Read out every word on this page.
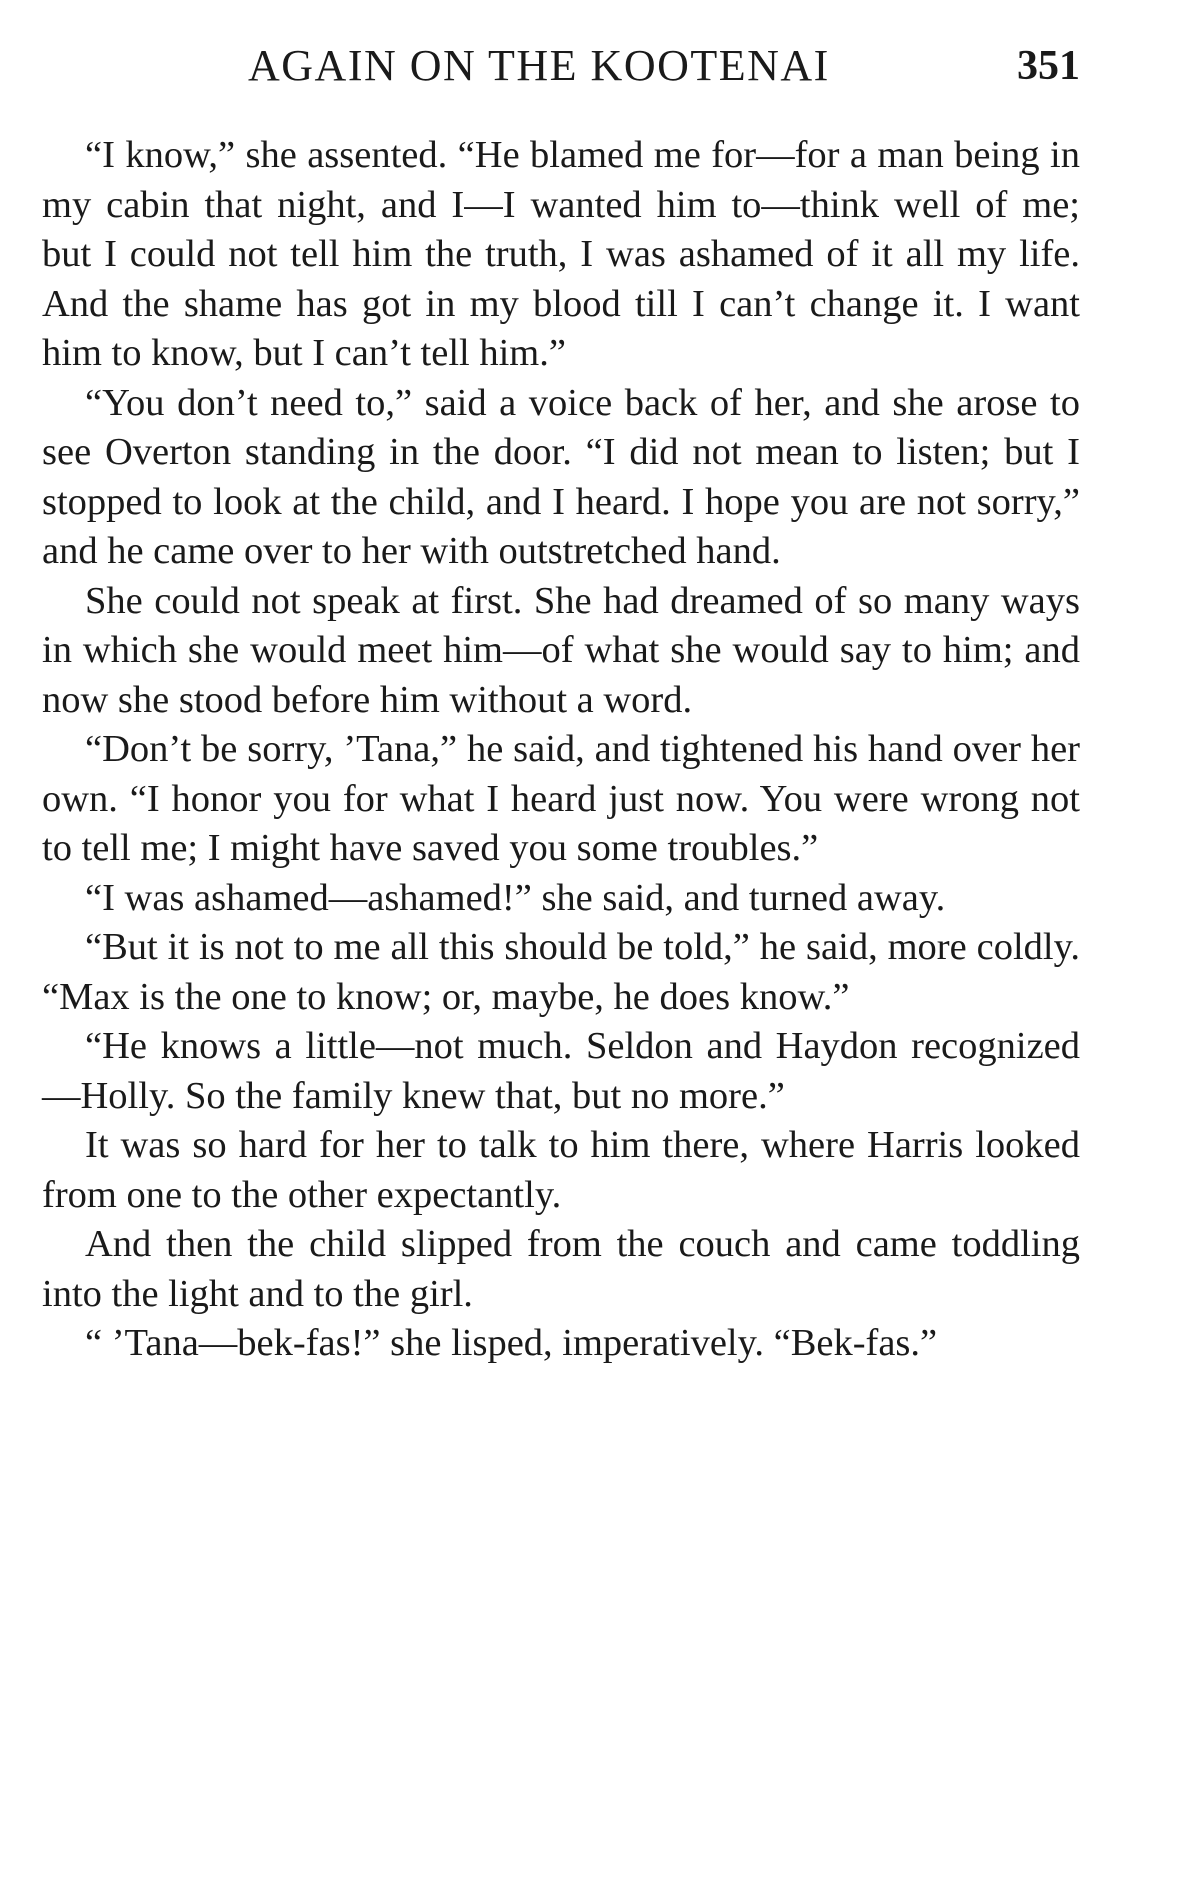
AGAIN ON THE KOOTENAI	351

“I know,” she assented. “He blamed me for—for a man being in my cabin that night, and I—I wanted him to—think well of me; but I could not tell him the truth, I was ashamed of it all my life. And the shame has got in my blood till I can’t change it. I want him to know, but I can’t tell him.”

“You don’t need to,” said a voice back of her, and she arose to see Overton standing in the door. “I did not mean to listen; but I stopped to look at the child, and I heard. I hope you are not sorry,” and he came over to her with outstretched hand.

She could not speak at first. She had dreamed of so many ways in which she would meet him—of what she would say to him; and now she stood before him without a word.

“Don’t be sorry, ’Tana,” he said, and tightened his hand over her own. “I honor you for what I heard just now. You were wrong not to tell me; I might have saved you some troubles.”

“I was ashamed—ashamed!” she said, and turned away.

“But it is not to me all this should be told,” he said, more coldly. “Max is the one to know; or, maybe, he does know.”

“He knows a little—not much. Seldon and Haydon recognized—Holly. So the family knew that, but no more.”

It was so hard for her to talk to him there, where Harris looked from one to the other expectantly.

And then the child slipped from the couch and came toddling into the light and to the girl.

“ ’Tana—bek-fas!” she lisped, imperatively. “Bek-fas.”
